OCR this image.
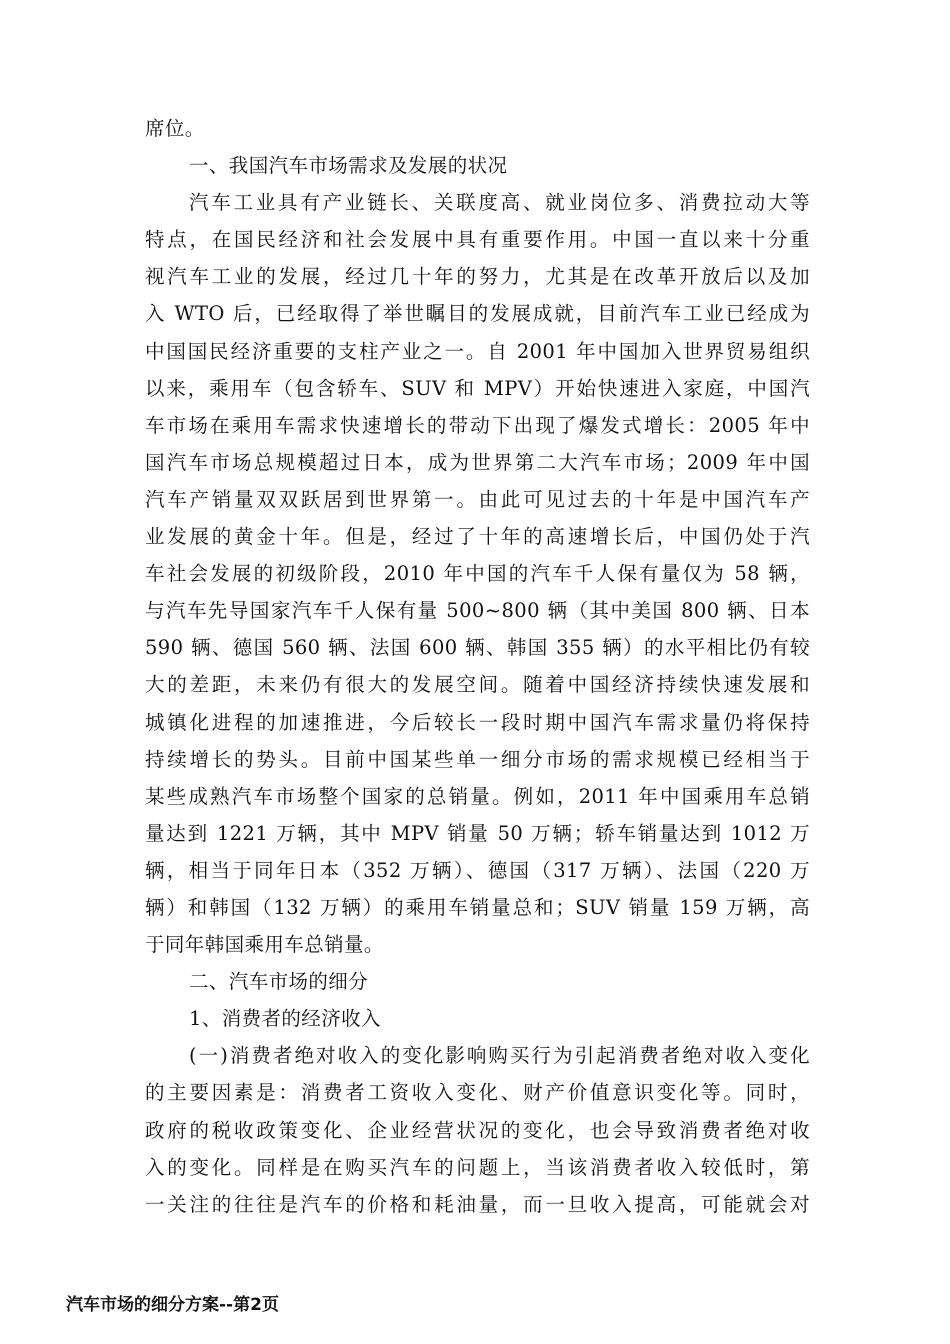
席位。
一、我国汽车市场需求及发展的状况
汽车工业具有产业链长、关联度高、就业岗位多、消费拉动大等
特点，在国民经济和社会发展中具有重要作用。中国一直以来十分重
视汽车工业的发展，经过几十年的努力，尤其是在改革开放后以及加
入 WTO 后，已经取得了举世瞩目的发展成就，目前汽车工业已经成为
中国国民经济重要的支柱产业之一。自 2001 年中国加入世界贸易组织
以来，乘用车（包含轿车、SUV 和 MPV）开始快速进入家庭，中国汽
车市场在乘用车需求快速增长的带动下出现了爆发式增长：2005 年中
国汽车市场总规模超过日本，成为世界第二大汽车市场；2009 年中国
汽车产销量双双跃居到世界第一。由此可见过去的十年是中国汽车产
业发展的黄金十年。但是，经过了十年的高速增长后，中国仍处于汽
车社会发展的初级阶段，2010 年中国的汽车千人保有量仅为 58 辆，
与汽车先导国家汽车千人保有量 500~800 辆（其中美国 800 辆、日本
590 辆、德国 560 辆、法国 600 辆、韩国 355 辆）的水平相比仍有较
大的差距，未来仍有很大的发展空间。随着中国经济持续快速发展和
城镇化进程的加速推进，今后较长一段时期中国汽车需求量仍将保持
持续增长的势头。目前中国某些单一细分市场的需求规模已经相当于
某些成熟汽车市场整个国家的总销量。例如，2011 年中国乘用车总销
量达到 1221 万辆，其中 MPV 销量 50 万辆；轿车销量达到 1012 万
辆，相当于同年日本（352 万辆）、德国（317 万辆）、法国（220 万
辆）和韩国（132 万辆）的乘用车销量总和；SUV 销量 159 万辆，高
于同年韩国乘用车总销量。
二、汽车市场的细分
1、消费者的经济收入
(一)消费者绝对收入的变化影响购买行为引起消费者绝对收入变化
的主要因素是：消费者工资收入变化、财产价值意识变化等。同时，
政府的税收政策变化、企业经营状况的变化，也会导致消费者绝对收
入的变化。同样是在购买汽车的问题上，当该消费者收入较低时，第
一关注的往往是汽车的价格和耗油量，而一旦收入提高，可能就会对
汽车市场的细分方案--第2页
